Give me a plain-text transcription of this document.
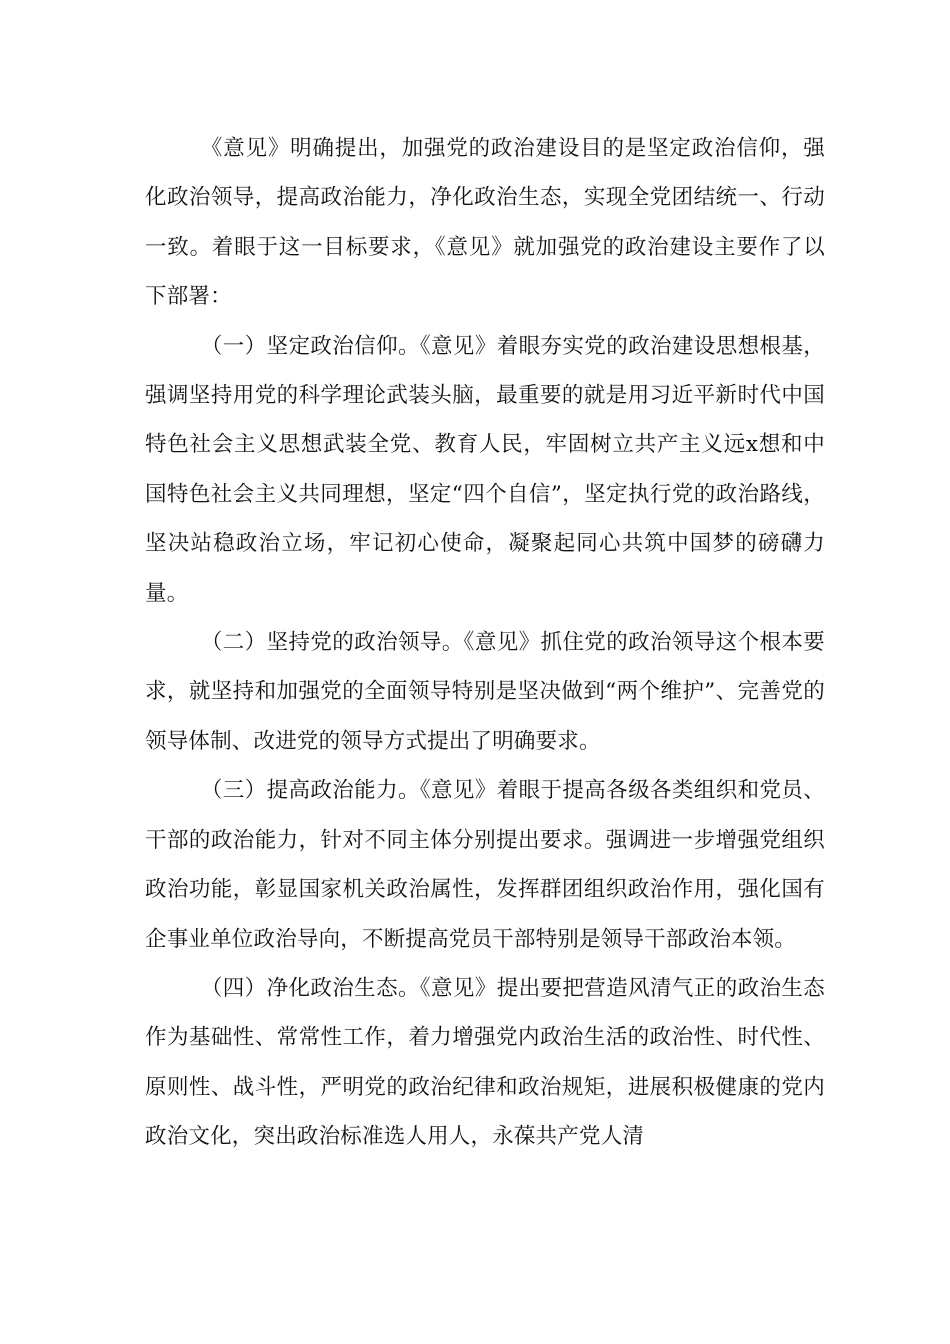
《意见》明确提出，加强党的政治建设目的是坚定政治信仰，强化政治领导，提高政治能力，净化政治生态，实现全党团结统一、行动一致。着眼于这一目标要求，《意见》就加强党的政治建设主要作了以下部署：

（一）坚定政治信仰。《意见》着眼夯实党的政治建设思想根基，强调坚持用党的科学理论武装头脑，最重要的就是用习近平新时代中国特色社会主义思想武装全党、教育人民，牢固树立共产主义远x想和中国特色社会主义共同理想，坚定“四个自信”，坚定执行党的政治路线，坚决站稳政治立场，牢记初心使命，凝聚起同心共筑中国梦的磅礴力量。

（二）坚持党的政治领导。《意见》抓住党的政治领导这个根本要求，就坚持和加强党的全面领导特别是坚决做到“两个维护”、完善党的领导体制、改进党的领导方式提出了明确要求。

（三）提高政治能力。《意见》着眼于提高各级各类组织和党员、干部的政治能力，针对不同主体分别提出要求。强调进一步增强党组织政治功能，彰显国家机关政治属性，发挥群团组织政治作用，强化国有企事业单位政治导向，不断提高党员干部特别是领导干部政治本领。

（四）净化政治生态。《意见》提出要把营造风清气正的政治生态作为基础性、常常性工作，着力增强党内政治生活的政治性、时代性、原则性、战斗性，严明党的政治纪律和政治规矩，进展积极健康的党内政治文化，突出政治标准选人用人，永葆共产党人清
